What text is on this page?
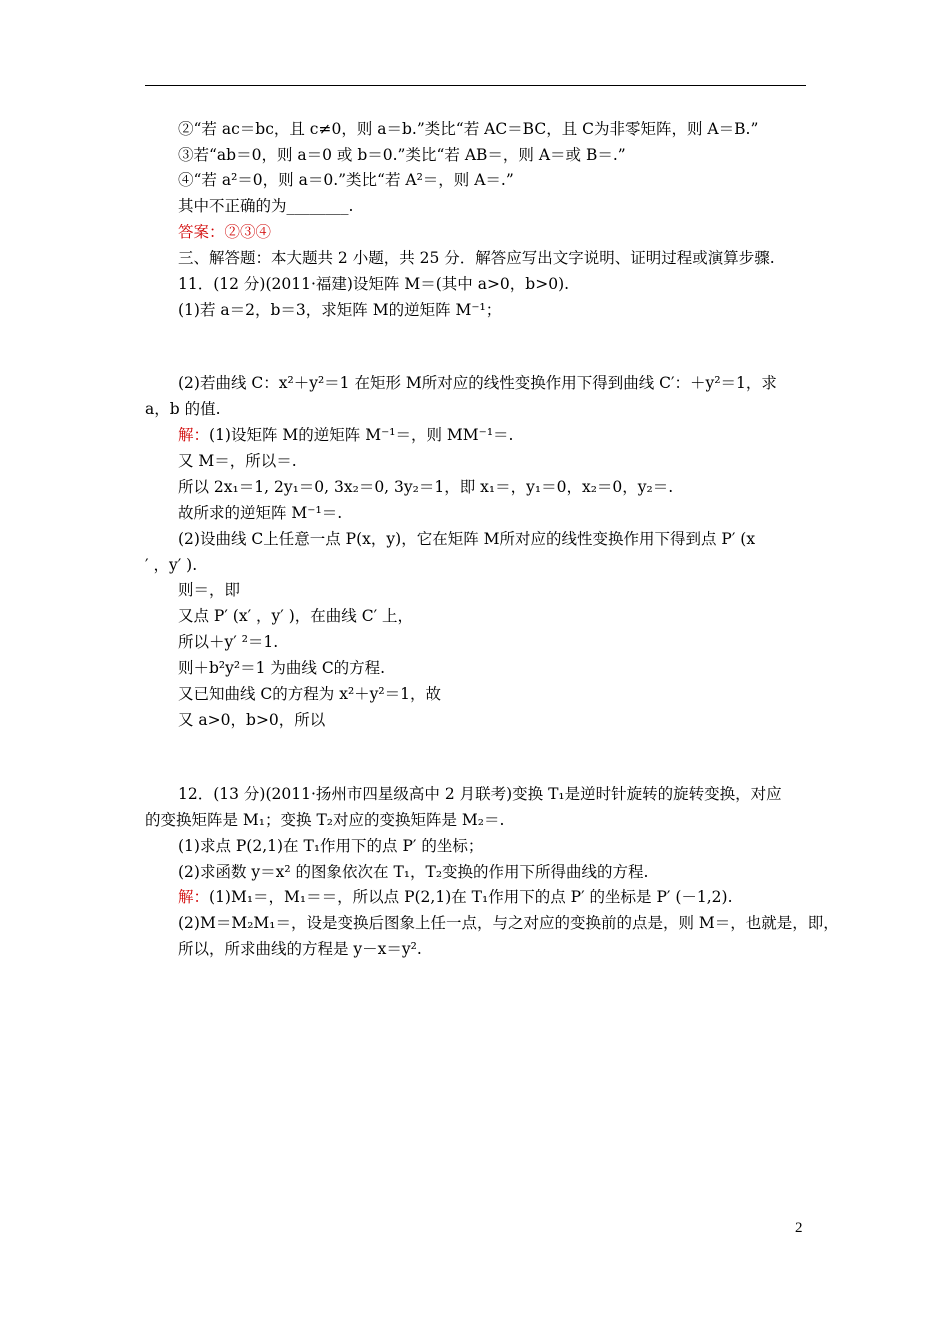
②“若 ac＝bc，且 c≠0，则 a＝b.”类比“若 AC＝BC，且 C为非零矩阵，则 A＝B.”
③若“ab＝0，则 a＝0 或 b＝0.”类比“若 AB＝，则 A＝或 B＝.”
④“若 a²＝0，则 a＝0.”类比“若 A²＝，则 A＝.”
其中不正确的为________.
答案：②③④
三、解答题：本大题共 2 小题，共 25 分．解答应写出文字说明、证明过程或演算步骤.
11．(12 分)(2011·福建)设矩阵 M＝(其中 a>0，b>0).
(1)若 a＝2，b＝3，求矩阵 M的逆矩阵 M⁻¹；
(2)若曲线 C：x²＋y²＝1 在矩形 M所对应的线性变换作用下得到曲线 C′：＋y²＝1，求
a，b 的值.
解：(1)设矩阵 M的逆矩阵 M⁻¹＝，则 MM⁻¹＝.
又 M＝，所以＝.
所以 2x₁＝1, 2y₁＝0, 3x₂＝0, 3y₂＝1，即 x₁＝，y₁＝0，x₂＝0，y₂＝.
故所求的逆矩阵 M⁻¹＝.
(2)设曲线 C上任意一点 P(x，y)，它在矩阵 M所对应的线性变换作用下得到点 P′ (x
′ ，y′ ).
则＝，即
又点 P′ (x′ ，y′ )，在曲线 C′ 上，
所以＋y′ ²＝1.
则＋b²y²＝1 为曲线 C的方程.
又已知曲线 C的方程为 x²＋y²＝1，故
又 a>0，b>0，所以
12．(13 分)(2011·扬州市四星级高中 2 月联考)变换 T₁是逆时针旋转的旋转变换，对应
的变换矩阵是 M₁；变换 T₂对应的变换矩阵是 M₂＝.
(1)求点 P(2,1)在 T₁作用下的点 P′ 的坐标；
(2)求函数 y＝x² 的图象依次在 T₁，T₂变换的作用下所得曲线的方程.
解：(1)M₁＝，M₁＝＝，所以点 P(2,1)在 T₁作用下的点 P′ 的坐标是 P′ (－1,2).
(2)M＝M₂M₁＝，设是变换后图象上任一点，与之对应的变换前的点是，则 M＝，也就是，即，
所以，所求曲线的方程是 y－x＝y².
2
